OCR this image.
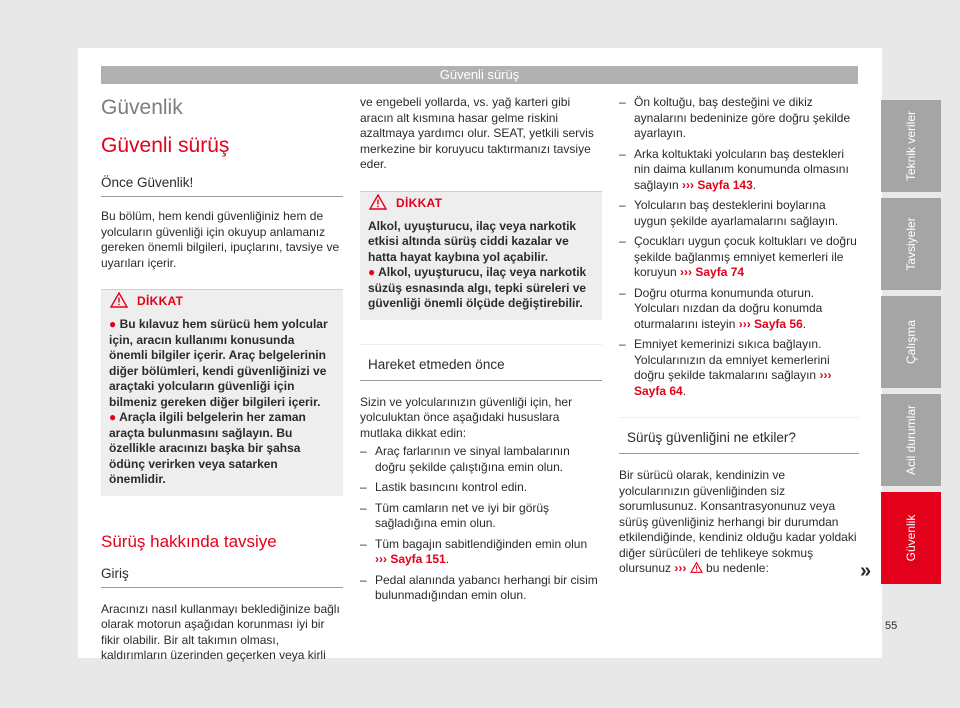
Güvenli sürüş
Güvenlik
Güvenli sürüş
Önce Güvenlik!

Bu bölüm, hem kendi güvenliğiniz hem de yolcuların güvenliği için okuyup anlamanız gereken önemli bilgileri, ipuçlarını, tavsiye ve uyarıları içerir.

DİKKAT

● Bu kılavuz hem sürücü hem yolcular için, aracın kullanımı konusunda önemli bilgiler içerir. Araç belgelerinin diğer bölümleri, kendi güvenliğinizi ve araçtaki yolcuların güvenliği için bilmeniz gereken diğer bilgileri içerir.

● Araçla ilgili belgelerin her zaman araçta bulunmasını sağlayın. Bu özellikle aracınızı başka bir şahsa ödünç verirken veya satarken önemlidir.

Sürüş hakkında tavsiye
Giriş

Aracınızı nasıl kullanmayı beklediğinize bağlı olarak motorun aşağıdan korunması iyi bir fikir olabilir. Bir alt takımın olması, kaldırımların üzerinden geçerken veya kirli

ve engebeli yollarda, vs. yağ karteri gibi aracın alt kısmına hasar gelme riskini azaltmaya yardımcı olur. SEAT, yetkili servis merkezine bir koruyucu taktırmanızı tavsiye eder.

DİKKAT

Alkol, uyuşturucu, ilaç veya narkotik etkisi altında sürüş ciddi kazalar ve hatta hayat kaybına yol açabilir.

● Alkol, uyuşturucu, ilaç veya narkotik süzüş esnasında algı, tepki süreleri ve güvenliği önemli ölçüde değiştirebilir.

Hareket etmeden önce

Sizin ve yolcularınızın güvenliği için, her yolculuktan önce aşağıdaki hususlara mutlaka dikkat edin:

– Araç farlarının ve sinyal lambalarının doğru şekilde çalıştığına emin olun.
– Lastik basıncını kontrol edin.
– Tüm camların net ve iyi bir görüş sağladığına emin olun.
– Tüm bagajın sabitlendiğinden emin olun
››› Sayfa 151.
– Pedal alanında yabancı herhangi bir cisim bulunmadığından emin olun.
– Ön koltuğu, baş desteğini ve dikiz aynalarını bedeninize göre doğru şekilde ayarlayın.
– Arka koltuktaki yolcuların baş destekleri nin daima kullanım konumunda olmasını sağlayın ››› Sayfa 143.
– Yolcuların baş desteklerini boylarına uygun şekilde ayarlamalarını sağlayın.
– Çocukları uygun çocuk koltukları ve doğru şekilde bağlanmış emniyet kemerleri ile koruyun ››› Sayfa 74
– Doğru oturma konumunda oturun. Yolcuları nızdan da doğru konumda oturmalarını isteyin ››› Sayfa 56.
– Emniyet kemerinizi sıkıca bağlayın. Yolcularınızın da emniyet kemerlerini doğru şekilde takmalarını sağlayın ››› Sayfa 64.
Sürüş güvenliğini ne etkiler?

Bir sürücü olarak, kendinizin ve yolcularınızın güvenliğinden siz sorumlusunuz. Konsantrasyonunuz veya sürüş güvenliğiniz herhangi bir durumdan etkilendiğinde, kendiniz olduğu kadar yoldaki diğer sürücüleri de tehlikeye sokmuş olursunuz ›››  bu nedenle:	»
Teknik veriler
Tavsiyeler
Çalışma
Acil durumlar
Güvenlik
55
